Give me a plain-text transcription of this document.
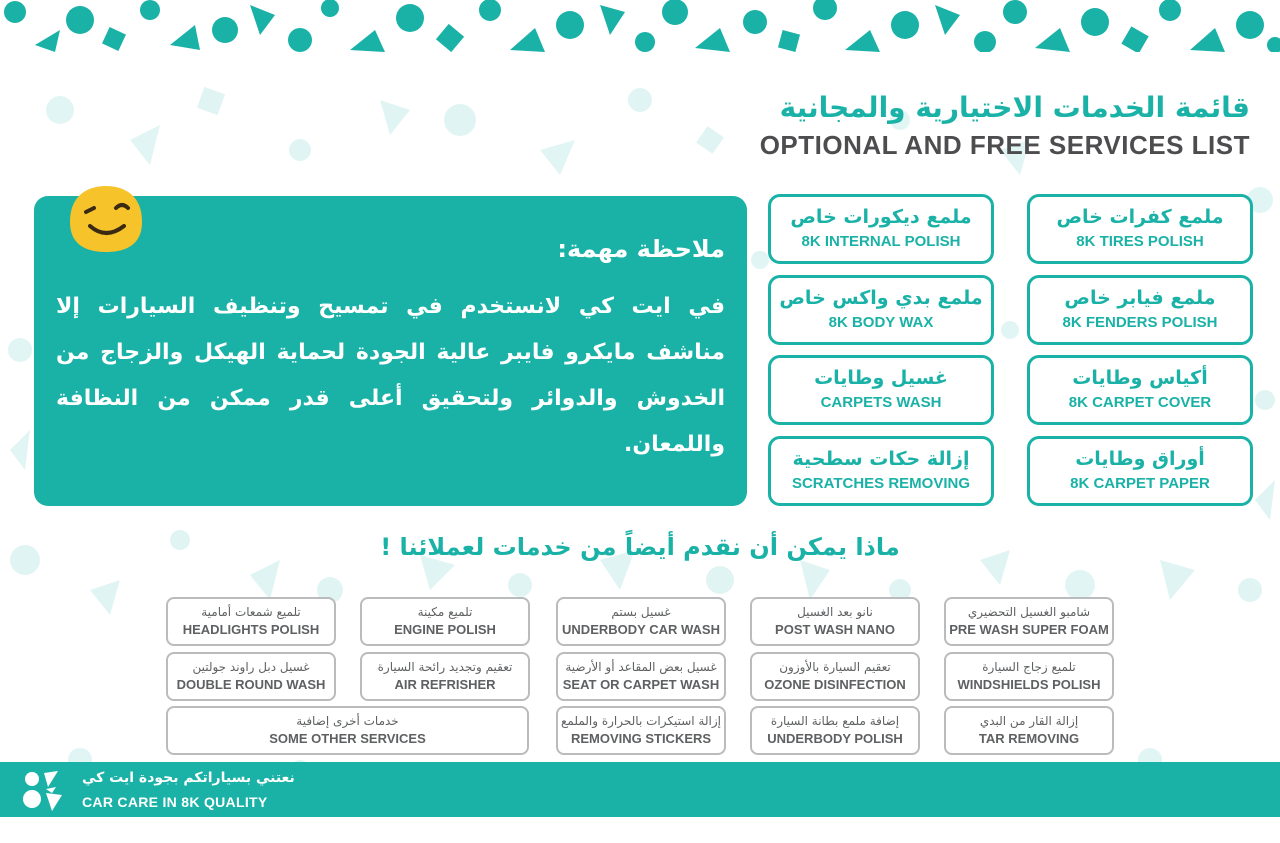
قائمة الخدمات الاختيارية والمجانية
OPTIONAL AND FREE SERVICES LIST
ملاحظة مهمة:
في ايت كي لانستخدم في تمسيح وتنظيف السيارات إلا مناشف مايكرو فايبر عالية الجودة لحماية الهيكل والزجاج من الخدوش والدوائر ولتحقيق أعلى قدر ممكن من النظافة واللمعان.
ملمع كفرات خاص
8K TIRES POLISH
ملمع ديكورات خاص
8K INTERNAL POLISH
ملمع فيابر خاص
8K FENDERS POLISH
ملمع بدي واكس خاص
8K BODY WAX
أكياس وطايات
8K CARPET COVER
غسيل وطايات
CARPETS WASH
أوراق وطايات
8K CARPET PAPER
إزالة حكات سطحية
SCRATCHES REMOVING
ماذا يمكن أن نقدم أيضاً من خدمات لعملائنا !
شامبو الغسيل التحضيري
PRE WASH SUPER FOAM
نانو بعد الغسيل
POST WASH NANO
غسيل بستم
UNDERBODY CAR WASH
تلميع مكينة
ENGINE POLISH
تلميع شمعات أمامية
HEADLIGHTS POLISH
تلميع زجاج السيارة
WINDSHIELDS POLISH
تعقيم السيارة بالأوزون
OZONE DISINFECTION
غسيل بعض المقاعد أو الأرضية
SEAT OR CARPET WASH
تعقيم وتجديد رائحة السيارة
AIR REFRISHER
غسيل دبل راوند جولتين
DOUBLE ROUND WASH
إزالة القار من البدي
TAR REMOVING
إضافة ملمع بطانة السيارة
UNDERBODY POLISH
إزالة استيكرات بالحرارة والملمع
REMOVING STICKERS
خدمات أخرى إضافية
SOME OTHER SERVICES
نعتني بسياراتكم بجودة ايت كي
CAR CARE IN 8K QUALITY
